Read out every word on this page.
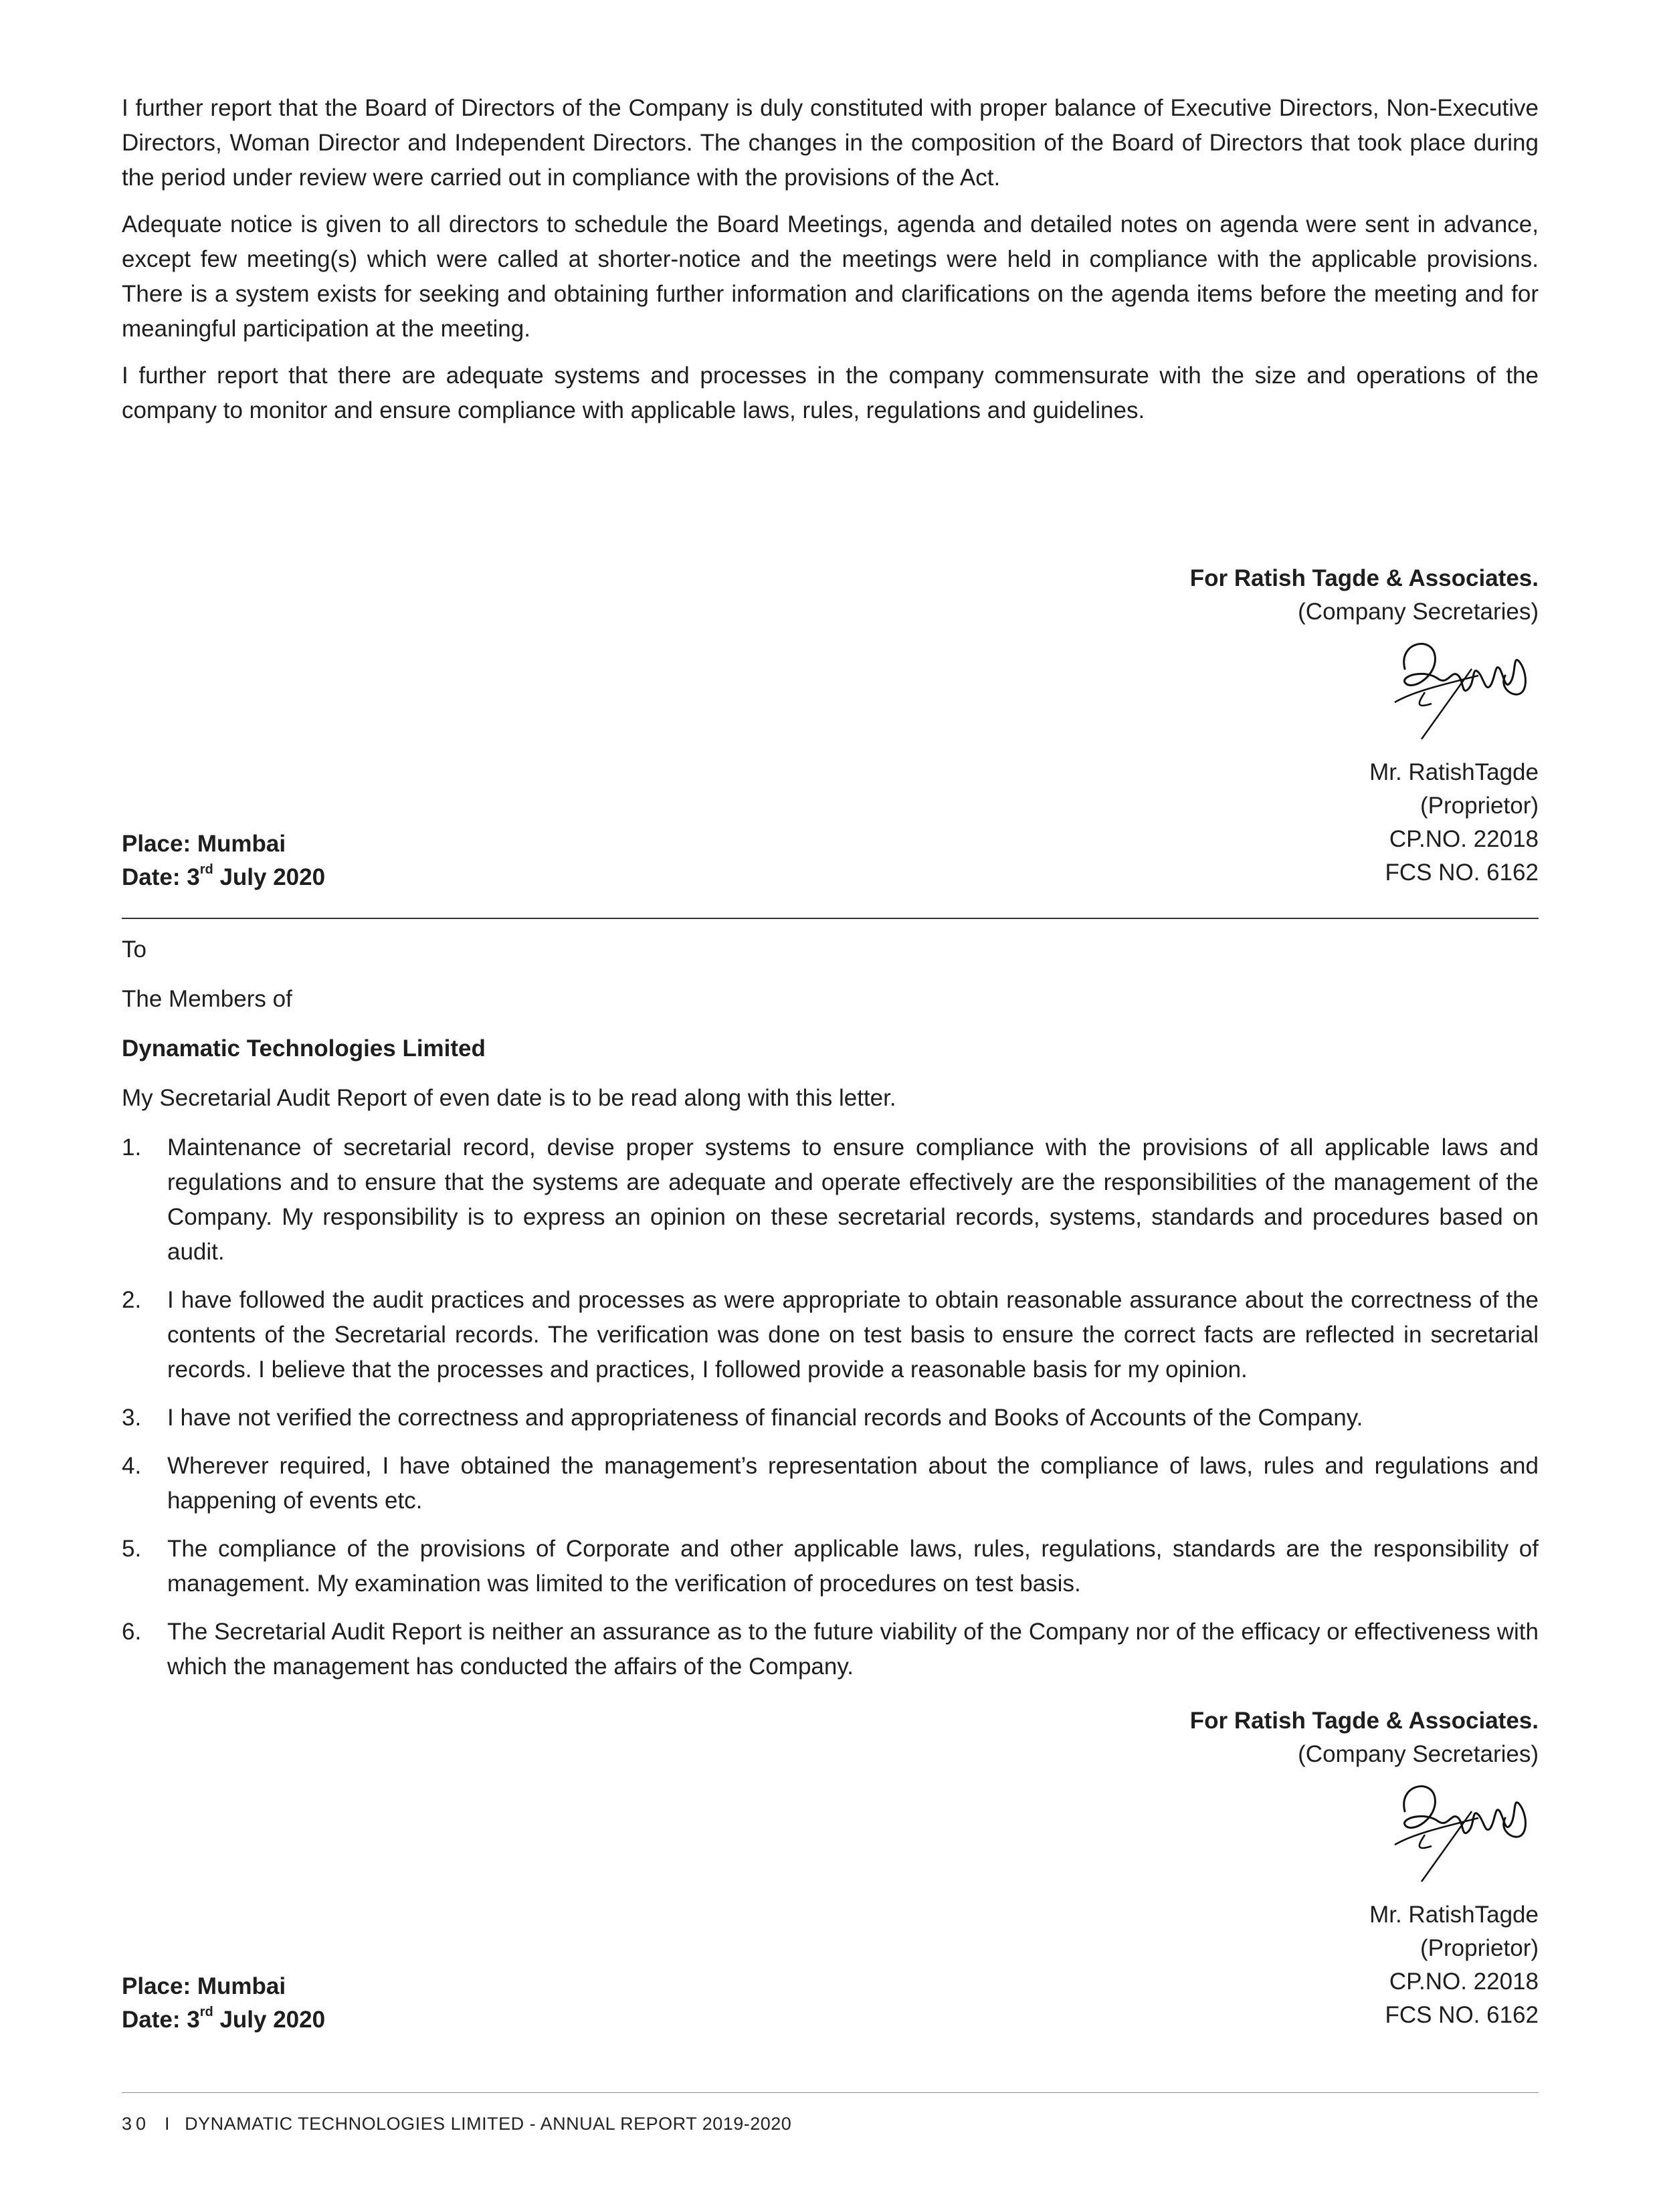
I further report that the Board of Directors of the Company is duly constituted with proper balance of Executive Directors, Non-Executive Directors, Woman Director and Independent Directors. The changes in the composition of the Board of Directors that took place during the period under review were carried out in compliance with the provisions of the Act.

Adequate notice is given to all directors to schedule the Board Meetings, agenda and detailed notes on agenda were sent in advance, except few meeting(s) which were called at shorter-notice and the meetings were held in compliance with the applicable provisions. There is a system exists for seeking and obtaining further information and clarifications on the agenda items before the meeting and for meaningful participation at the meeting.

I further report that there are adequate systems and processes in the company commensurate with the size and operations of the company to monitor and ensure compliance with applicable laws, rules, regulations and guidelines.

For Ratish Tagde & Associates.
(Company Secretaries)
Mr. RatishTagde
(Proprietor)
CP.NO. 22018
FCS NO. 6162
Place: Mumbai
Date: 3rd July 2020

To

The Members of

Dynamatic Technologies Limited

My Secretarial Audit Report of even date is to be read along with this letter.

1. Maintenance of secretarial record, devise proper systems to ensure compliance with the provisions of all applicable laws and regulations and to ensure that the systems are adequate and operate effectively are the responsibilities of the management of the Company. My responsibility is to express an opinion on these secretarial records, systems, standards and procedures based on audit.

2. I have followed the audit practices and processes as were appropriate to obtain reasonable assurance about the correctness of the contents of the Secretarial records. The verification was done on test basis to ensure the correct facts are reflected in secretarial records. I believe that the processes and practices, I followed provide a reasonable basis for my opinion.

3. I have not verified the correctness and appropriateness of financial records and Books of Accounts of the Company.

4. Wherever required, I have obtained the management’s representation about the compliance of laws, rules and regulations and happening of events etc.

5. The compliance of the provisions of Corporate and other applicable laws, rules, regulations, standards are the responsibility of management. My examination was limited to the verification of procedures on test basis.

6. The Secretarial Audit Report is neither an assurance as to the future viability of the Company nor of the efficacy or effectiveness with which the management has conducted the affairs of the Company.

For Ratish Tagde & Associates.
(Company Secretaries)
Mr. RatishTagde
(Proprietor)
CP.NO. 22018
FCS NO. 6162
Place: Mumbai
Date: 3rd July 2020
30 I DYNAMATIC TECHNOLOGIES LIMITED - ANNUAL REPORT 2019-2020
